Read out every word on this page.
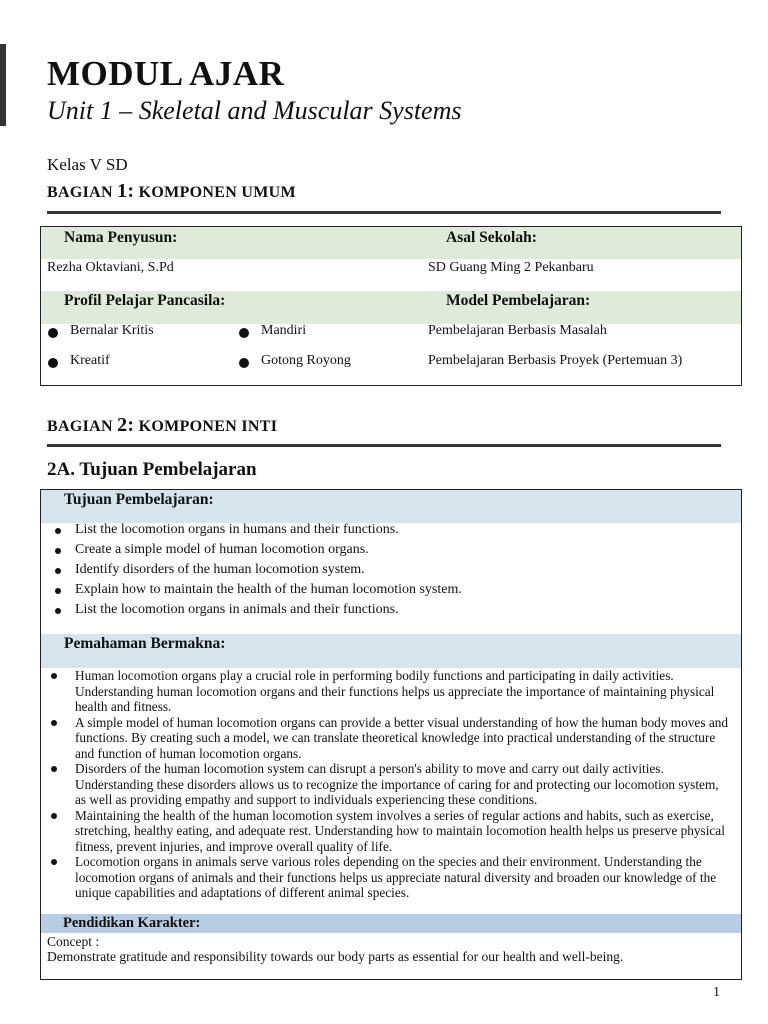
MODUL AJAR
Unit 1 – Skeletal and Muscular Systems
Kelas V SD
BAGIAN 1: KOMPONEN UMUM
Nama Penyusun:	Asal Sekolah:
Rezha Oktaviani, S.Pd	SD Guang Ming 2 Pekanbaru
Profil Pelajar Pancasila:	Model Pembelajaran:
Bernalar Kritis	Mandiri	Pembelajaran Berbasis Masalah
Kreatif	Gotong Royong	Pembelajaran Berbasis Proyek (Pertemuan 3)
BAGIAN 2: KOMPONEN INTI
2A. Tujuan Pembelajaran
Tujuan Pembelajaran:
List the locomotion organs in humans and their functions.
Create a simple model of human locomotion organs.
Identify disorders of the human locomotion system.
Explain how to maintain the health of the human locomotion system.
List the locomotion organs in animals and their functions.
Pemahaman Bermakna:
Human locomotion organs play a crucial role in performing bodily functions and participating in daily activities. Understanding human locomotion organs and their functions helps us appreciate the importance of maintaining physical health and fitness.
A simple model of human locomotion organs can provide a better visual understanding of how the human body moves and functions. By creating such a model, we can translate theoretical knowledge into practical understanding of the structure and function of human locomotion organs.
Disorders of the human locomotion system can disrupt a person's ability to move and carry out daily activities. Understanding these disorders allows us to recognize the importance of caring for and protecting our locomotion system, as well as providing empathy and support to individuals experiencing these conditions.
Maintaining the health of the human locomotion system involves a series of regular actions and habits, such as exercise, stretching, healthy eating, and adequate rest. Understanding how to maintain locomotion health helps us preserve physical fitness, prevent injuries, and improve overall quality of life.
Locomotion organs in animals serve various roles depending on the species and their environment. Understanding the locomotion organs of animals and their functions helps us appreciate natural diversity and broaden our knowledge of the unique capabilities and adaptations of different animal species.
Pendidikan Karakter:
Concept :
Demonstrate gratitude and responsibility towards our body parts as essential for our health and well-being.
1
